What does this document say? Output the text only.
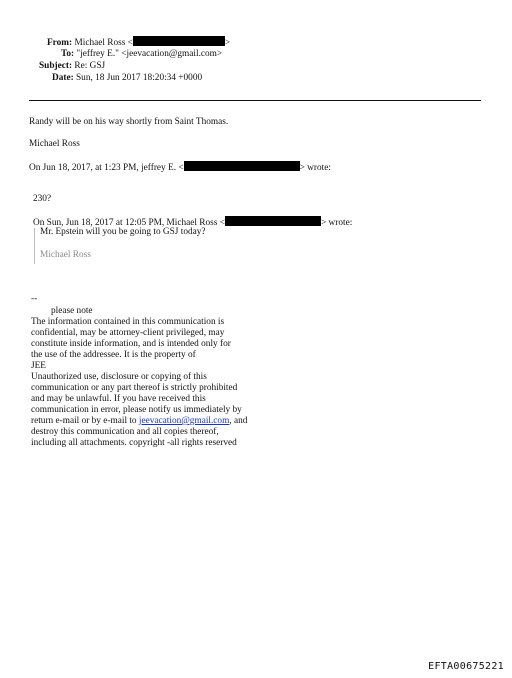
From: Michael Ross <	>
To: "jeffrey E." <jeevacation@gmail.com>
Subject: Re: GSJ
Date: Sun, 18 Jun 2017 18:20:34 +0000
Randy will be on his way shortly from Saint Thomas.
Michael Ross
On Jun 18, 2017, at 1:23 PM, jeffrey E. <	> wrote:
230?
On Sun, Jun 18, 2017 at 12:05 PM, Michael Ross <	> wrote:
Mr. Epstein will you be going to GSJ today?
Michael Ross
--
please note
The information contained in this communication is
confidential, may be attorney-client privileged, may
constitute inside information, and is intended only for
the use of the addressee. It is the property of
JEE
Unauthorized use, disclosure or copying of this
communication or any part thereof is strictly prohibited
and may be unlawful. If you have received this
communication in error, please notify us immediately by
return e-mail or by e-mail to jeevacation@gmail.com, and
destroy this communication and all copies thereof,
including all attachments. copyright -all rights reserved
EFTA00675221
